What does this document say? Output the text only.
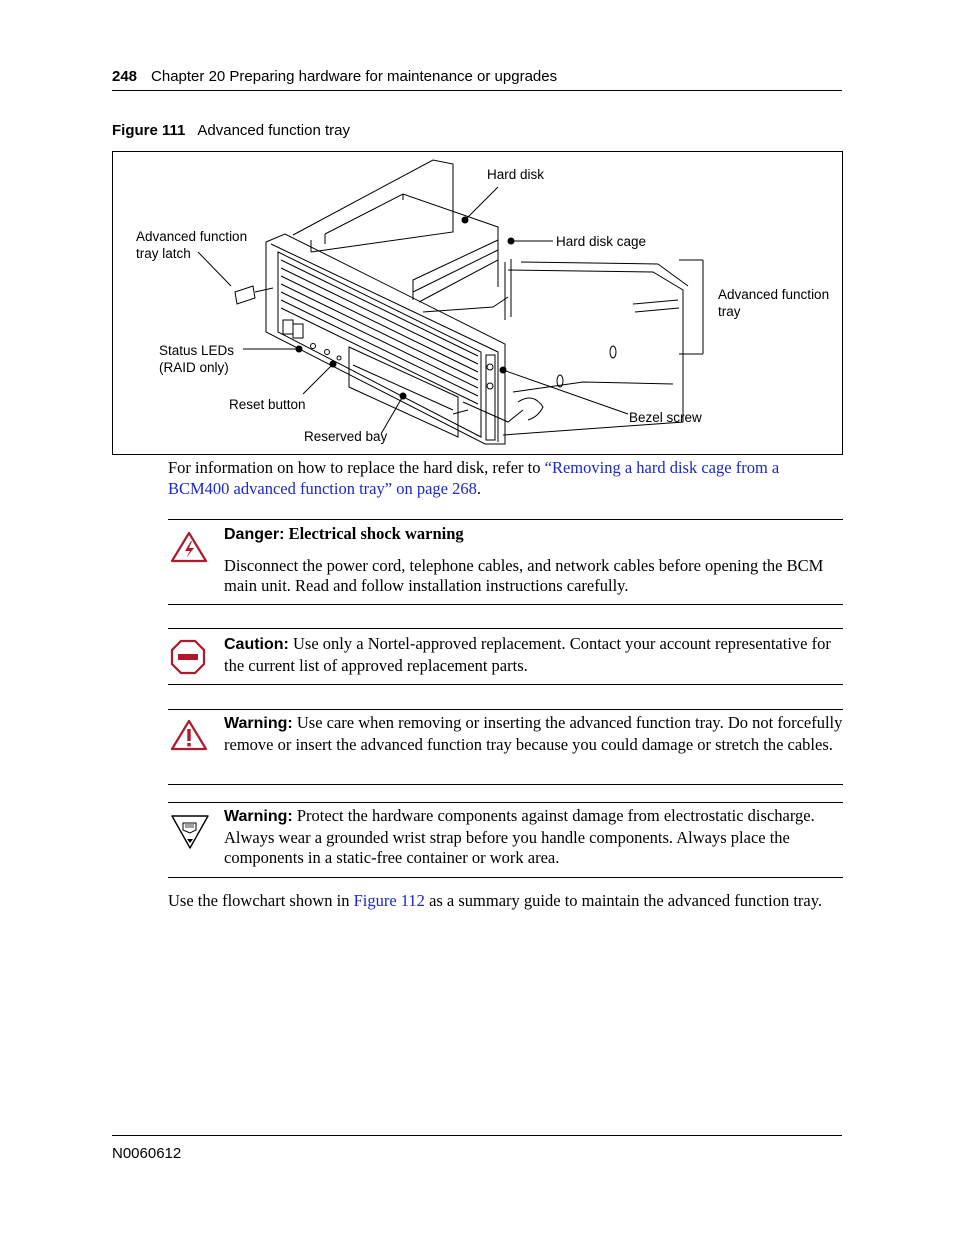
248 Chapter 20 Preparing hardware for maintenance or upgrades
Figure 111 Advanced function tray
Hard disk
Hard disk cage
Advanced function
tray latch
Advanced function
tray
Status LEDs
(RAID only)
Reset button
Bezel screw
Reserved bay
For information on how to replace the hard disk, refer to “Removing a hard disk cage from a BCM400 advanced function tray” on page 268.
Danger: Electrical shock warning
Disconnect the power cord, telephone cables, and network cables before opening the BCM main unit. Read and follow installation instructions carefully.
Caution: Use only a Nortel-approved replacement. Contact your account representative for the current list of approved replacement parts.
Warning: Use care when removing or inserting the advanced function tray. Do not forcefully remove or insert the advanced function tray because you could damage or stretch the cables.
Warning: Protect the hardware components against damage from electrostatic discharge. Always wear a grounded wrist strap before you handle components. Always place the components in a static-free container or work area.
Use the flowchart shown in Figure 112 as a summary guide to maintain the advanced function tray.
N0060612
